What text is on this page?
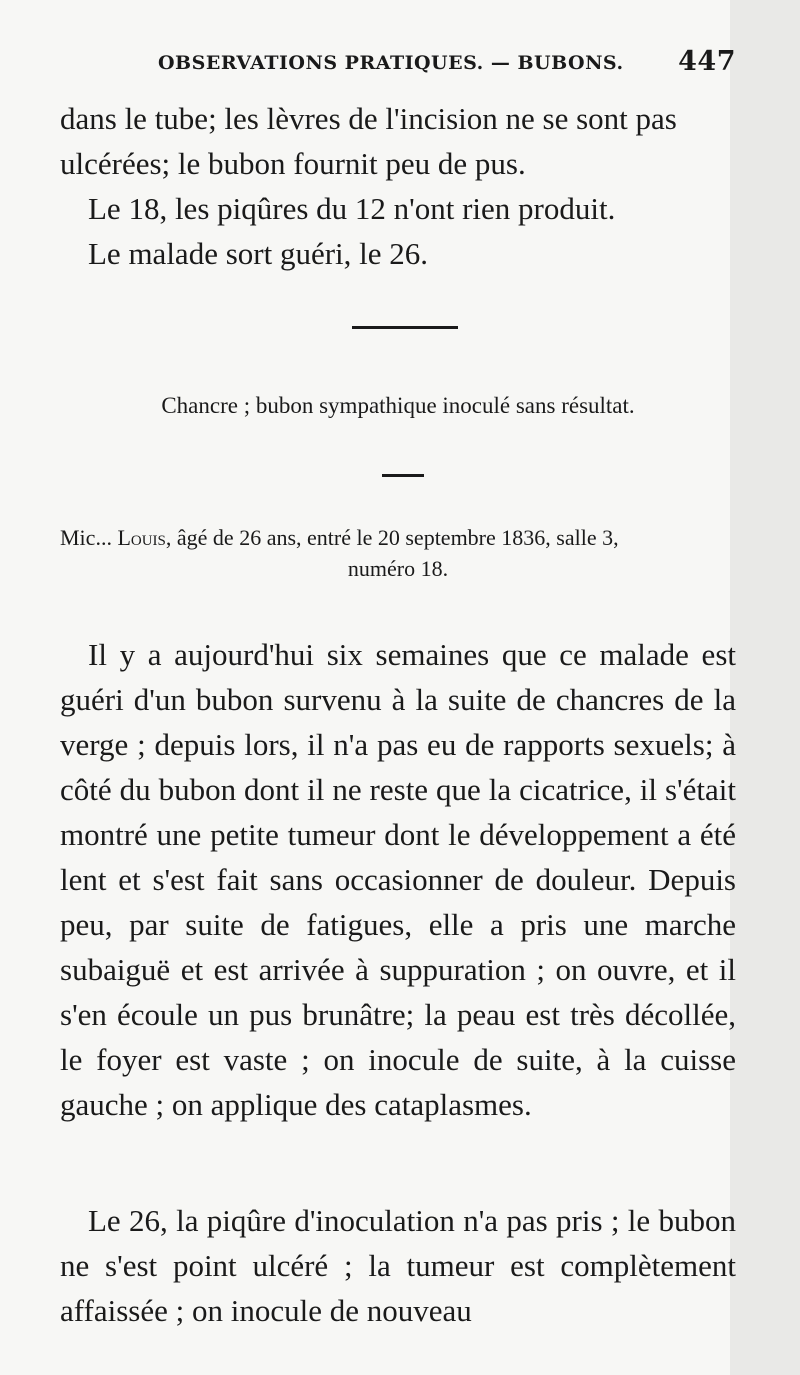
OBSERVATIONS PRATIQUES. — BUBONS. 447

dans le tube; les lèvres de l'incision ne se sont pas

ulcérées; le bubon fournit peu de pus.

Le 18, les piqûres du 12 n'ont rien produit.

Le malade sort guéri, le 26.

Chancre ; bubon sympathique inoculé sans résultat.
Mic... Louis, âgé de 26 ans, entré le 20 septembre 1836, salle 3,
numéro 18.

Il y a aujourd'hui six semaines que ce malade est guéri d'un bubon survenu à la suite de chancres de la verge ; depuis lors, il n'a pas eu de rapports sexuels; à côté du bubon dont il ne reste que la cicatrice, il s'était montré une petite tumeur dont le développement a été lent et s'est fait sans occasionner de douleur. Depuis peu, par suite de fatigues, elle a pris une marche subaiguë et est arrivée à suppuration ; on ouvre, et il s'en écoule un pus brunâtre; la peau est très décollée, le foyer est vaste ; on inocule de suite, à la cuisse gauche ; on applique des cataplasmes.

Le 26, la piqûre d'inoculation n'a pas pris ; le bubon ne s'est point ulcéré ; la tumeur est complètement affaissée ; on inocule de nouveau
